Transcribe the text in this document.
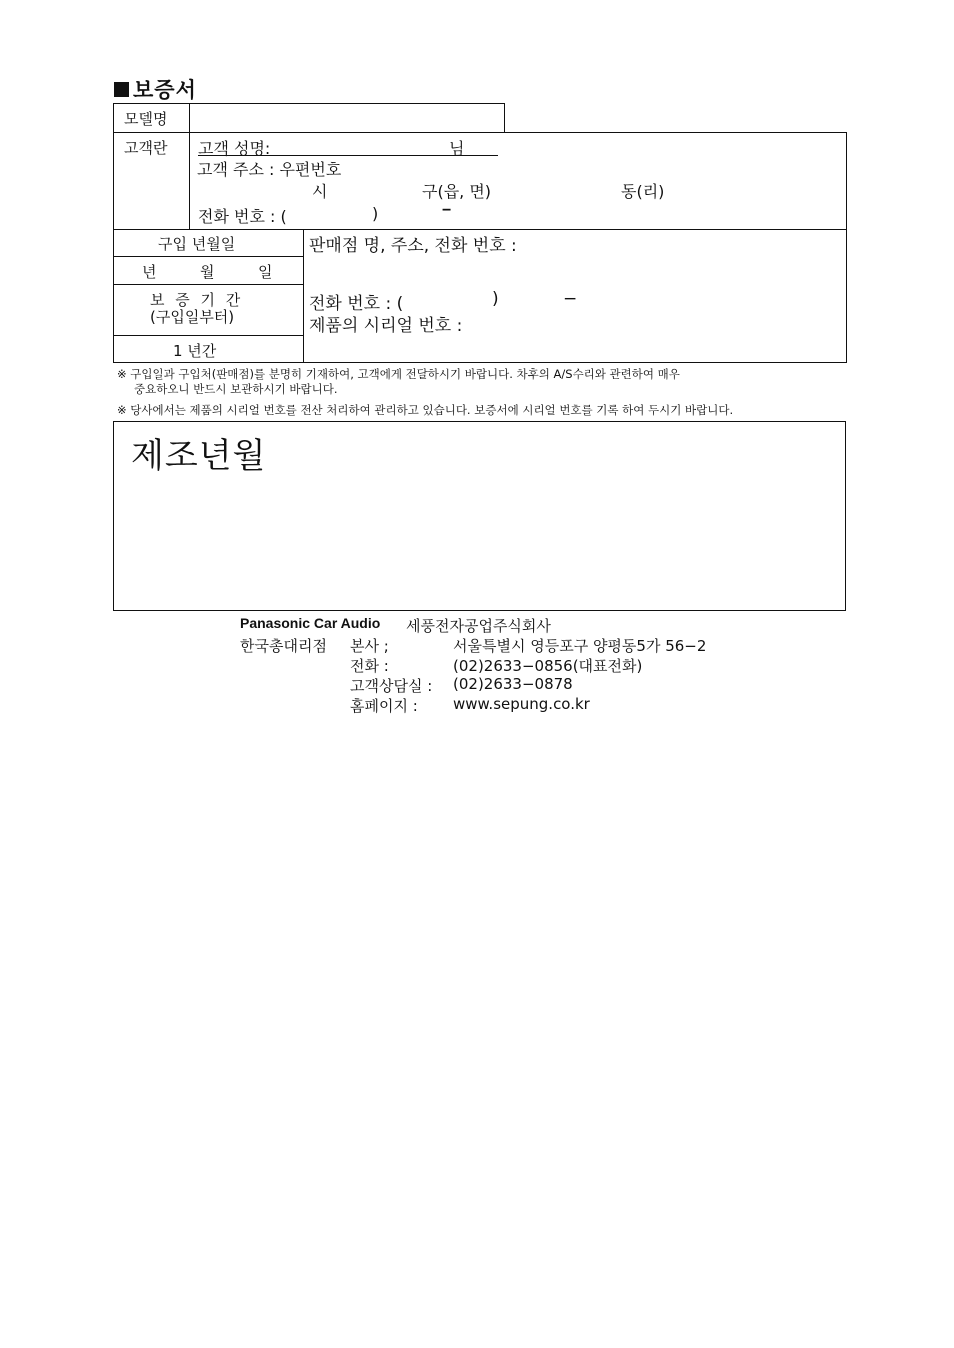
보증서
모델명
고객란 고객 성명:	님
고객 주소 : 우편번호
시	구(읍, 면)	동(리)
전화 번호 : (	)	−
구입 년월일
년	월	일
보 증 기 간
(구입일부터)
1 년간
판매점 명, 주소, 전화 번호 :
전화 번호 : (	)	−
제품의 시리얼 번호 :
※ 구입일과 구입처(판매점)를 분명히 기재하여, 고객에게 전달하시기 바랍니다. 차후의 A/S수리와 관련하여 매우
중요하오니 반드시 보관하시기 바랍니다.
※ 당사에서는 제품의 시리얼 번호를 전산 처리하여 관리하고 있습니다. 보증서에 시리얼 번호를 기록 하여 두시기 바랍니다.
제조년월
Panasonic Car Audio 세풍전자공업주식회사
한국총대리점 본사 ;	서울특별시 영등포구 양평동5가 56−2
전화 :	(02)2633−0856(대표전화)
고객상담실 : (02)2633−0878
홈페이지 : www.sepung.co.kr
